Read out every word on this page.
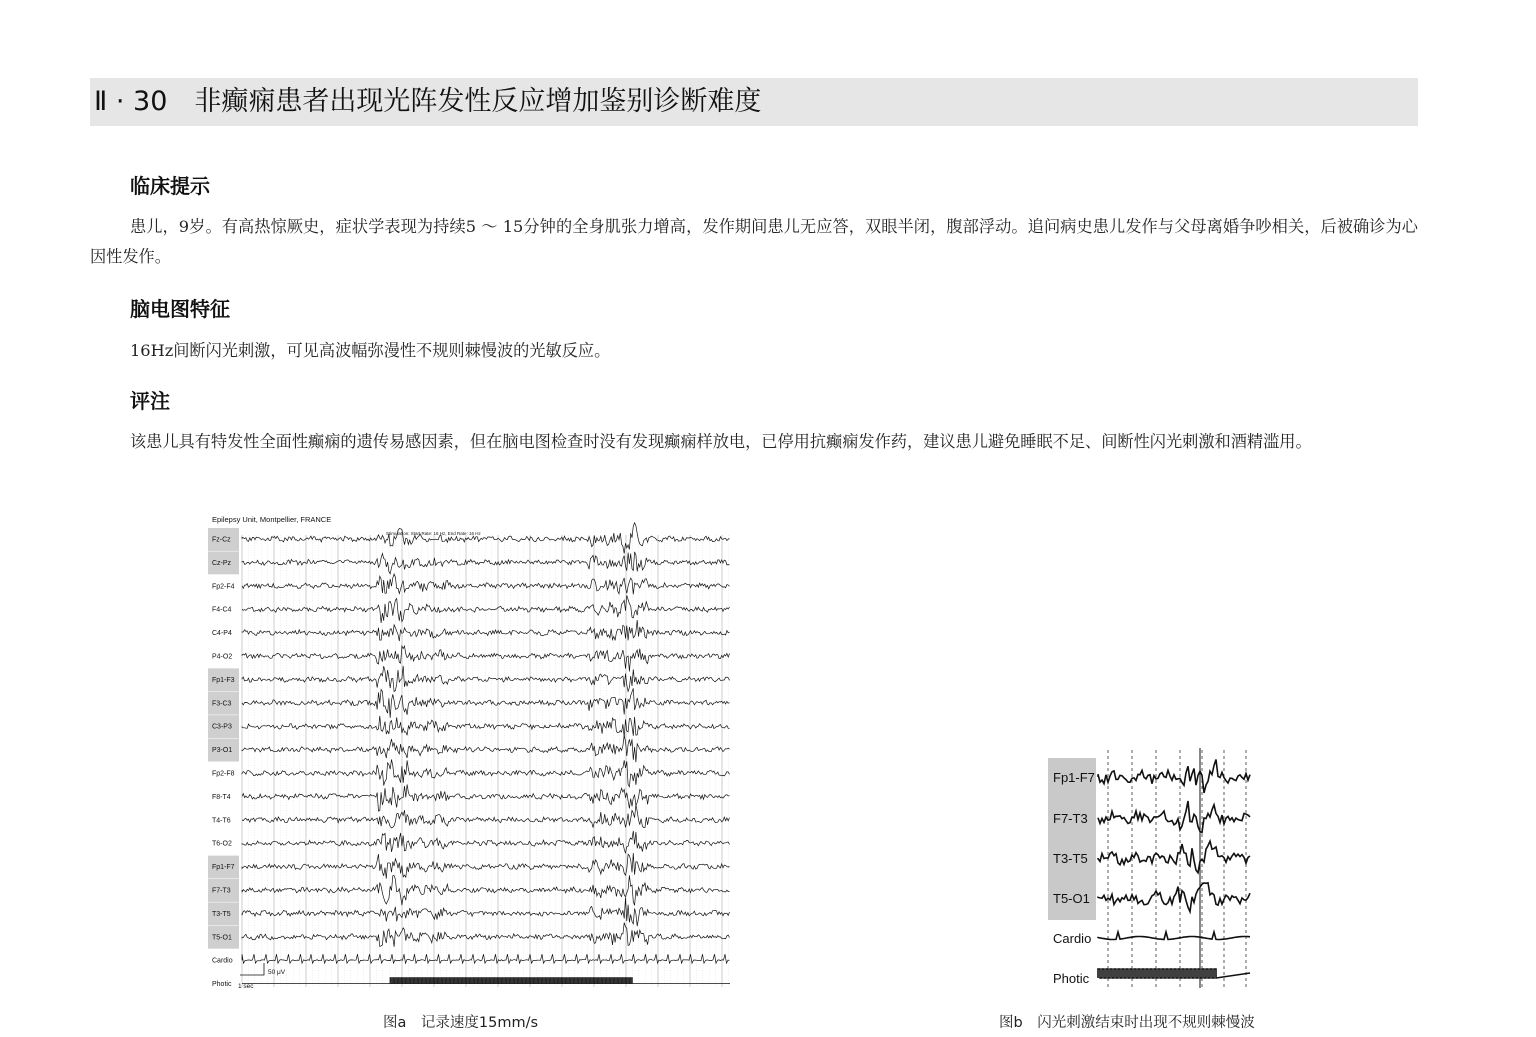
Ⅱ · 30　非癫痫患者出现光阵发性反应增加鉴别诊断难度
临床提示
患儿，9岁。有高热惊厥史，症状学表现为持续5 ～ 15分钟的全身肌张力增高，发作期间患儿无应答，双眼半闭，腹部浮动。追问病史患儿发作与父母离婚争吵相关，后被确诊为心因性发作。
脑电图特征
16Hz间断闪光刺激，可见高波幅弥漫性不规则棘慢波的光敏反应。
评注
该患儿具有特发性全面性癫痫的遗传易感因素，但在脑电图检查时没有发现癫痫样放电，已停用抗癫痫发作药，建议患儿避免睡眠不足、间断性闪光刺激和酒精滥用。
Epilepsy Unit, Montpellier, FRANCE
Stimulation: Start Rate: 16 Hz, End Rate: 16 Hz
Fz-Cz
Cz-Pz
Fp2-F4
F4-C4
C4-P4
P4-O2
Fp1-F3
F3-C3
C3-P3
P3-O1
Fp2-F8
F8-T4
T4-T6
T6-O2
Fp1-F7
F7-T3
T3-T5
T5-O1
Cardio
Photic
50 μV
1 sec
图a　记录速度15mm/s
Fp1-F7
F7-T3
T3-T5
T5-O1
Cardio
Photic
图b　闪光刺激结束时出现不规则棘慢波
